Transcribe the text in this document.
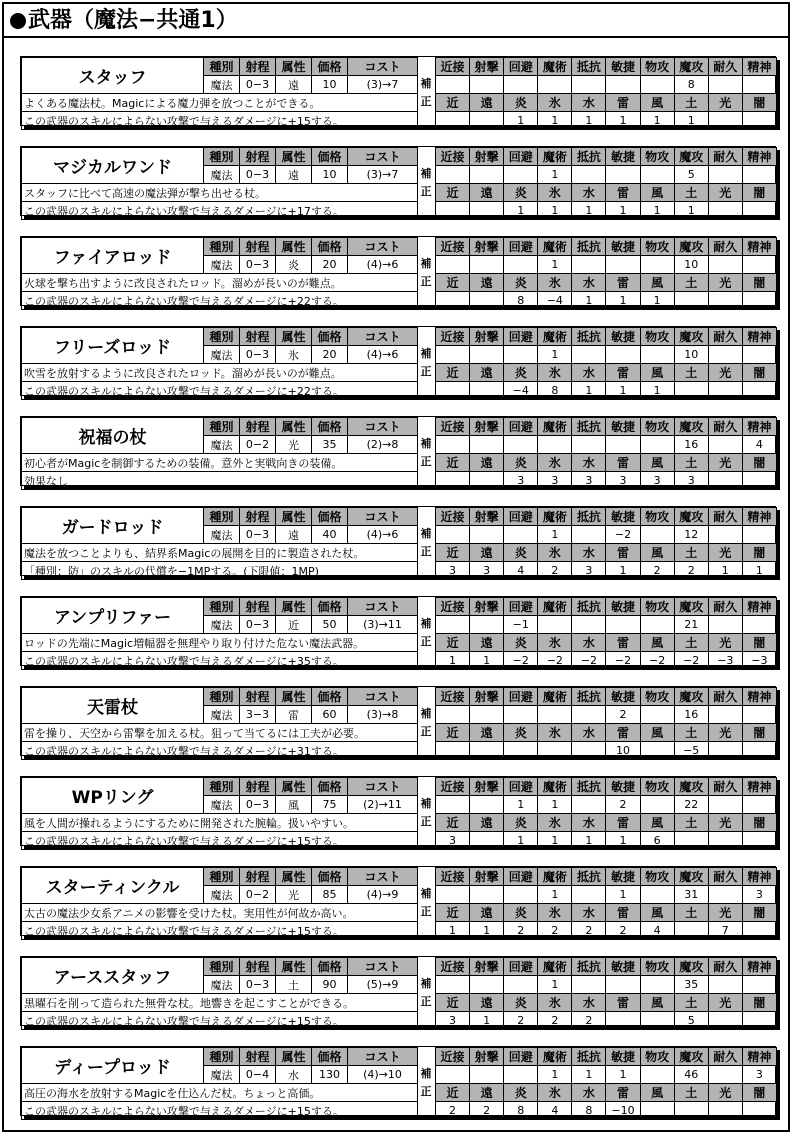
武器（魔法−共通1）
スタッフ	種別	射程	属性	価格	コスト
	魔法	0−3	遠	10	(3)→7
よくある魔法杖。Magicによる魔力弾を放つことができる。					
この武器のスキルによらない攻撃で与えるダメージに+15する。					
補
正
近接	射撃	回避	魔術	抵抗	敏捷	物攻	魔攻	耐久	精神
							8		
近	遠	炎	氷	水	雷	風	土	光	闇
		1	1	1	1	1	1		
マジカルワンド	種別	射程	属性	価格	コスト
	魔法	0−3	遠	10	(3)→7
スタッフに比べて高速の魔法弾が撃ち出せる杖。					
この武器のスキルによらない攻撃で与えるダメージに+17する。					
補
正
近接	射撃	回避	魔術	抵抗	敏捷	物攻	魔攻	耐久	精神
			1				5		
近	遠	炎	氷	水	雷	風	土	光	闇
		1	1	1	1	1	1		
ファイアロッド	種別	射程	属性	価格	コスト
	魔法	0−3	炎	20	(4)→6
火球を撃ち出すように改良されたロッド。溜めが長いのが難点。					
この武器のスキルによらない攻撃で与えるダメージに+22する。					
補
正
近接	射撃	回避	魔術	抵抗	敏捷	物攻	魔攻	耐久	精神
			1				10		
近	遠	炎	氷	水	雷	風	土	光	闇
		8	−4	1	1	1			
フリーズロッド	種別	射程	属性	価格	コスト
	魔法	0−3	氷	20	(4)→6
吹雪を放射するように改良されたロッド。溜めが長いのが難点。					
この武器のスキルによらない攻撃で与えるダメージに+22する。					
補
正
近接	射撃	回避	魔術	抵抗	敏捷	物攻	魔攻	耐久	精神
			1				10		
近	遠	炎	氷	水	雷	風	土	光	闇
		−4	8	1	1	1			
祝福の杖	種別	射程	属性	価格	コスト
	魔法	0−2	光	35	(2)→8
初心者がMagicを制御するための装備。意外と実戦向きの装備。					
効果なし					
補
正
近接	射撃	回避	魔術	抵抗	敏捷	物攻	魔攻	耐久	精神
							16		4
近	遠	炎	氷	水	雷	風	土	光	闇
		3	3	3	3	3	3		
ガードロッド	種別	射程	属性	価格	コスト
	魔法	0−3	遠	40	(4)→6
魔法を放つことよりも、結界系Magicの展開を目的に製造された杖。					
「種別：防」のスキルの代償を−1MPする。(下限値：1MP)					
補
正
近接	射撃	回避	魔術	抵抗	敏捷	物攻	魔攻	耐久	精神
			1		−2		12		
近	遠	炎	氷	水	雷	風	土	光	闇
3	3	4	2	3	1	2	2	1	1
アンプリファー	種別	射程	属性	価格	コスト
	魔法	0−3	近	50	(3)→11
ロッドの先端にMagic増幅器を無理やり取り付けた危ない魔法武器。					
この武器のスキルによらない攻撃で与えるダメージに+35する。					
補
正
近接	射撃	回避	魔術	抵抗	敏捷	物攻	魔攻	耐久	精神
		−1					21		
近	遠	炎	氷	水	雷	風	土	光	闇
1	1	−2	−2	−2	−2	−2	−2	−3	−3
天雷杖	種別	射程	属性	価格	コスト
	魔法	3−3	雷	60	(3)→8
雷を操り、天空から雷撃を加える杖。狙って当てるには工夫が必要。					
この武器のスキルによらない攻撃で与えるダメージに+31する。					
補
正
近接	射撃	回避	魔術	抵抗	敏捷	物攻	魔攻	耐久	精神
					2		16		
近	遠	炎	氷	水	雷	風	土	光	闇
					10		−5		
WPリング	種別	射程	属性	価格	コスト
	魔法	0−3	風	75	(2)→11
風を人間が操れるようにするために開発された腕輪。扱いやすい。					
この武器のスキルによらない攻撃で与えるダメージに+15する。					
補
正
近接	射撃	回避	魔術	抵抗	敏捷	物攻	魔攻	耐久	精神
		1	1		2		22		
近	遠	炎	氷	水	雷	風	土	光	闇
3		1	1	1	1	6			
スターティンクル	種別	射程	属性	価格	コスト
	魔法	0−2	光	85	(4)→9
太古の魔法少女系アニメの影響を受けた杖。実用性が何故か高い。					
この武器のスキルによらない攻撃で与えるダメージに+15する。					
補
正
近接	射撃	回避	魔術	抵抗	敏捷	物攻	魔攻	耐久	精神
			1		1		31		3
近	遠	炎	氷	水	雷	風	土	光	闇
1	1	2	2	2	2	4		7	
アーススタッフ	種別	射程	属性	価格	コスト
	魔法	0−3	土	90	(5)→9
黒曜石を削って造られた無骨な杖。地響きを起こすことができる。					
この武器のスキルによらない攻撃で与えるダメージに+15する。					
補
正
近接	射撃	回避	魔術	抵抗	敏捷	物攻	魔攻	耐久	精神
			1				35		
近	遠	炎	氷	水	雷	風	土	光	闇
3	1	2	2	2			5		
ディープロッド	種別	射程	属性	価格	コスト
	魔法	0−4	水	130	(4)→10
高圧の海水を放射するMagicを仕込んだ杖。ちょっと高価。					
この武器のスキルによらない攻撃で与えるダメージに+15する。					
補
正
近接	射撃	回避	魔術	抵抗	敏捷	物攻	魔攻	耐久	精神
			1	1	1		46		3
近	遠	炎	氷	水	雷	風	土	光	闇
2	2	8	4	8	−10				
